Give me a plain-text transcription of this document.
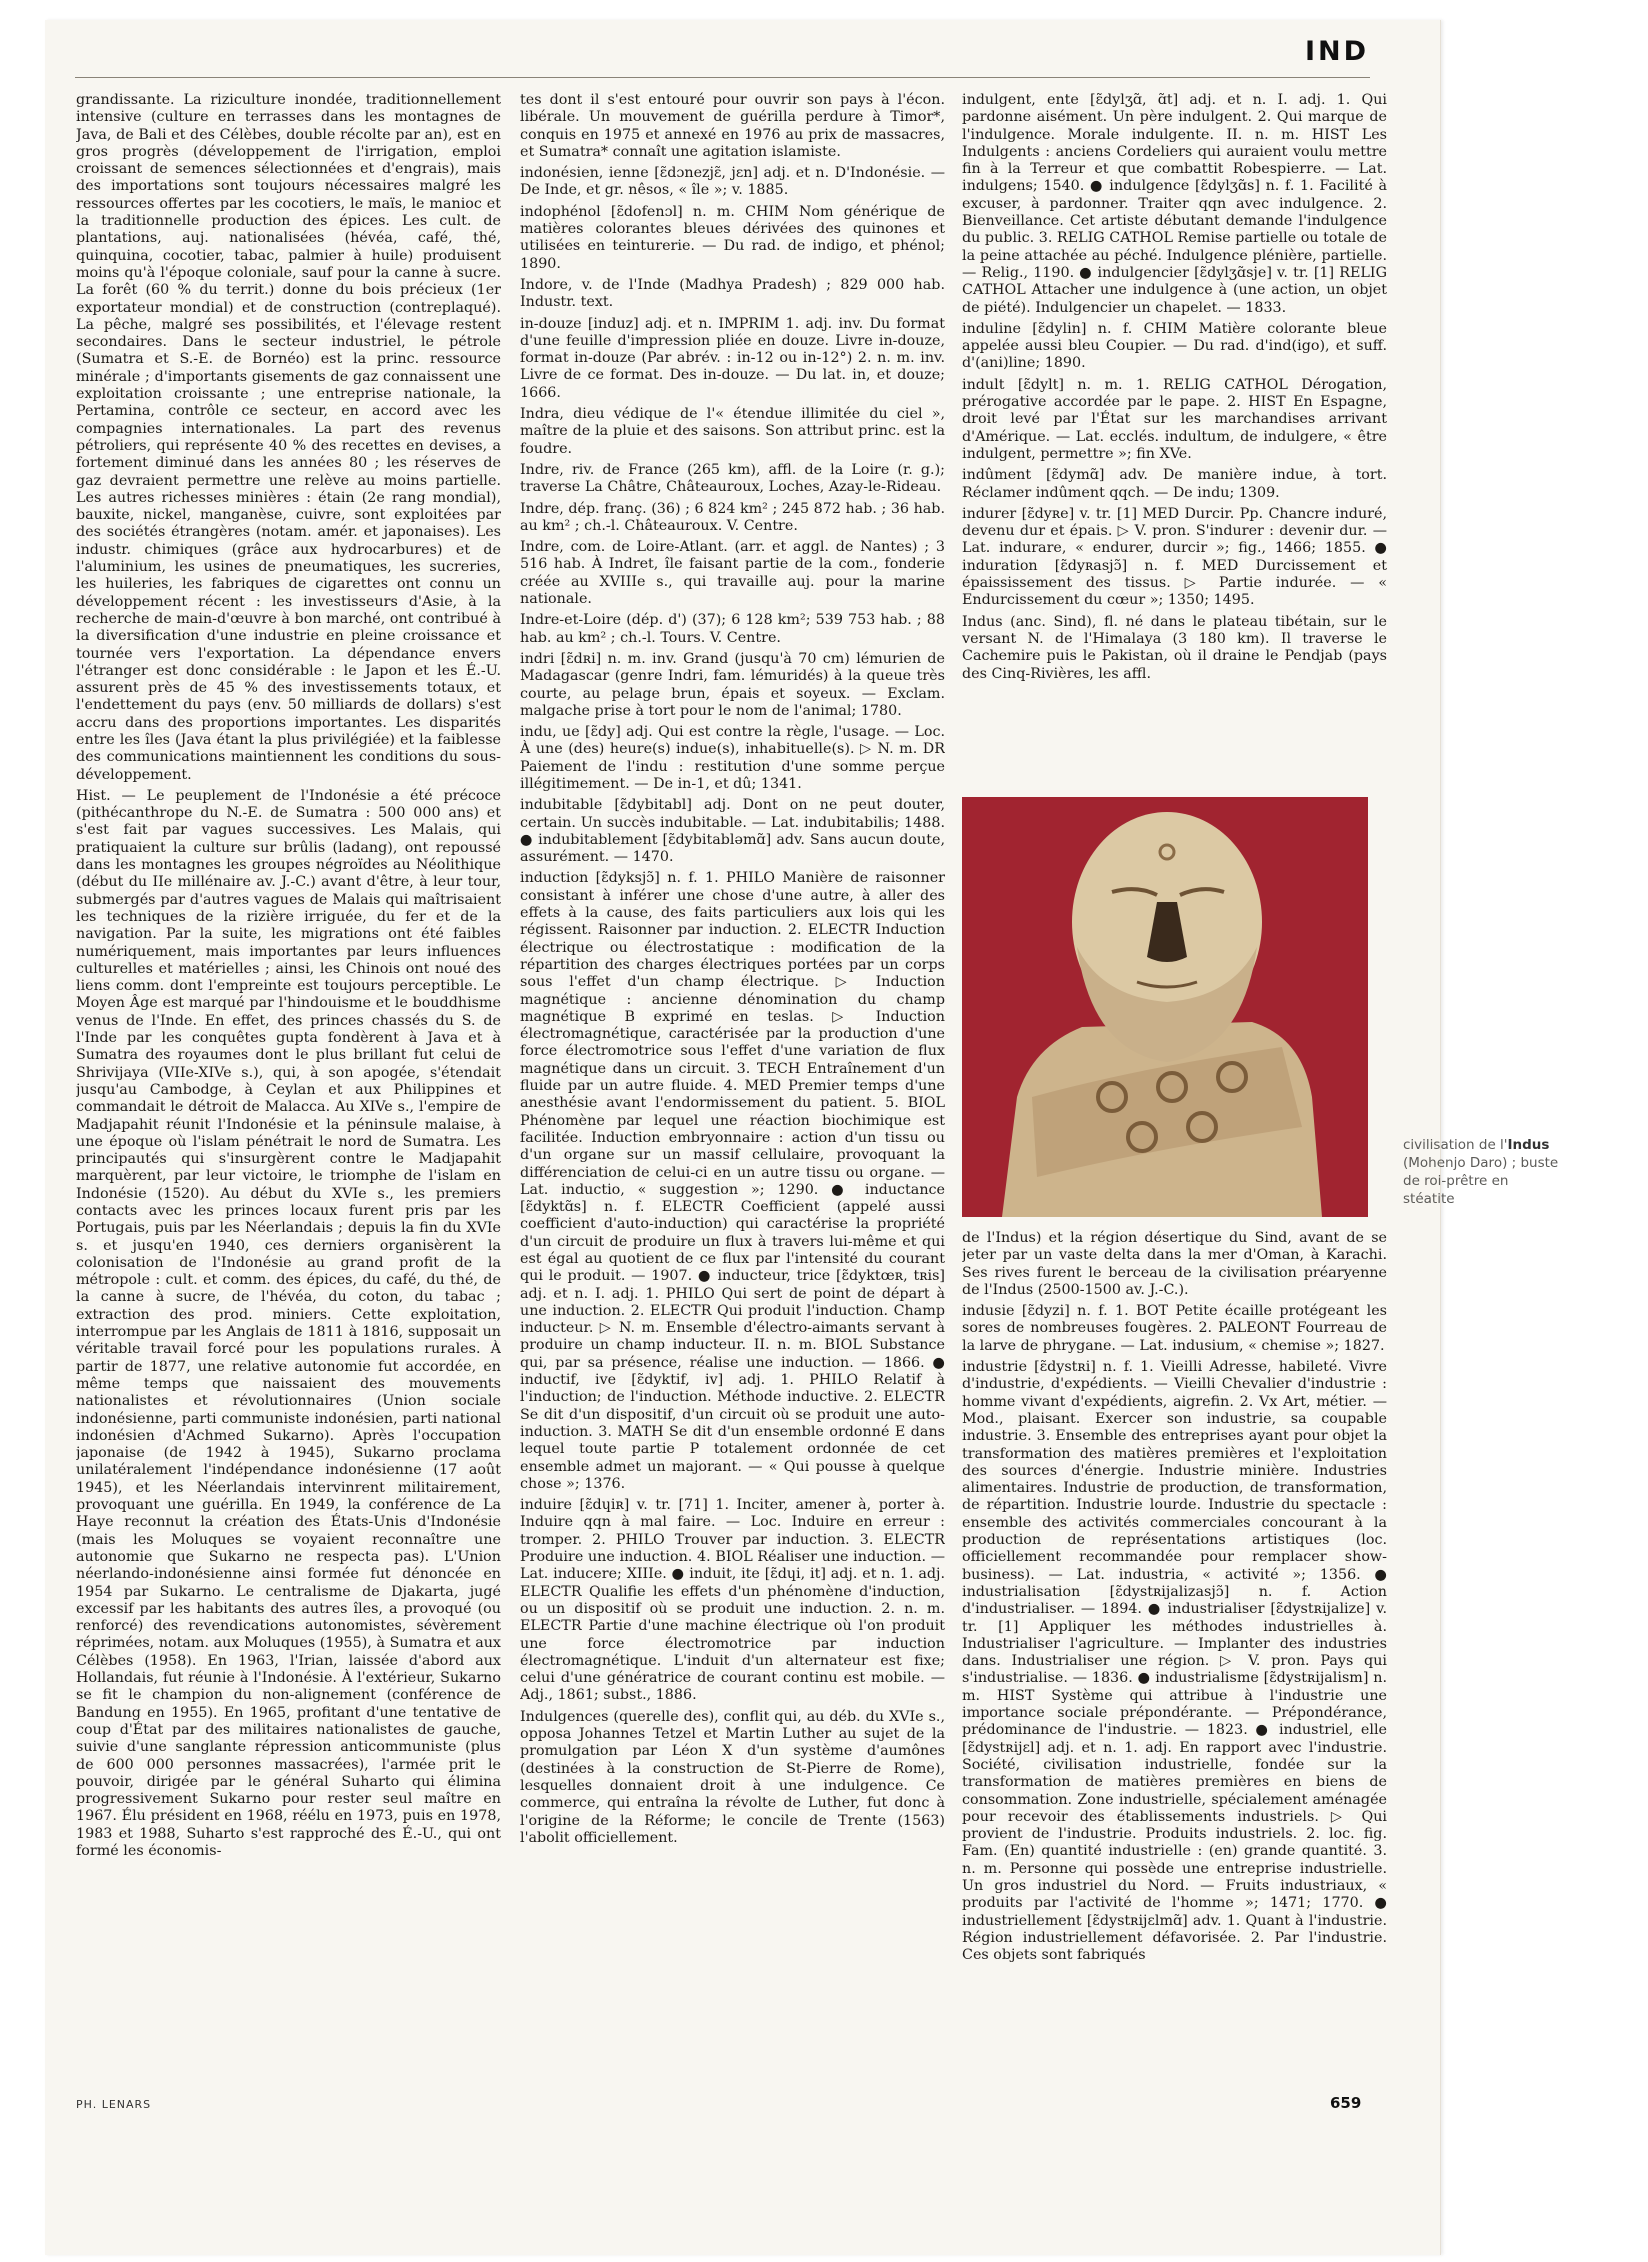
IND

grandissante. La riziculture inondée, traditionnellement intensive (culture en terrasses dans les montagnes de Java, de Bali et des Célèbes, double récolte par an), est en gros progrès (développement de l'irrigation, emploi croissant de semences sélectionnées et d'engrais), mais des importations sont toujours nécessaires malgré les ressources offertes par les cocotiers, le maïs, le manioc et la traditionnelle production des épices. Les cult. de plantations, auj. nationalisées (hévéa, café, thé, quinquina, cocotier, tabac, palmier à huile) produisent moins qu'à l'époque coloniale, sauf pour la canne à sucre. La forêt (60 % du territ.) donne du bois précieux (1er exportateur mondial) et de construction (contreplaqué). La pêche, malgré ses possibilités, et l'élevage restent secondaires. Dans le secteur industriel, le pétrole (Sumatra et S.-E. de Bornéo) est la princ. ressource minérale ; d'importants gisements de gaz connaissent une exploitation croissante ; une entreprise nationale, la Pertamina, contrôle ce secteur, en accord avec les compagnies internationales. La part des revenus pétroliers, qui représente 40 % des recettes en devises, a fortement diminué dans les années 80 ; les réserves de gaz devraient permettre une relève au moins partielle. Les autres richesses minières : étain (2e rang mondial), bauxite, nickel, manganèse, cuivre, sont exploitées par des sociétés étrangères (notam. amér. et japonaises). Les industr. chimiques (grâce aux hydrocarbures) et de l'aluminium, les usines de pneumatiques, les sucreries, les huileries, les fabriques de cigarettes ont connu un développement récent : les investisseurs d'Asie, à la recherche de main-d'œuvre à bon marché, ont contribué à la diversification d'une industrie en pleine croissance et tournée vers l'exportation. La dépendance envers l'étranger est donc considérable : le Japon et les É.-U. assurent près de 45 % des investissements totaux, et l'endettement du pays (env. 50 milliards de dollars) s'est accru dans des proportions importantes. Les disparités entre les îles (Java étant la plus privilégiée) et la faiblesse des communications maintiennent les conditions du sous-développement.

Hist. — Le peuplement de l'Indonésie a été précoce (pithécanthrope du N.-E. de Sumatra : 500 000 ans) et s'est fait par vagues successives. Les Malais, qui pratiquaient la culture sur brûlis (ladang), ont repoussé dans les montagnes les groupes négroïdes au Néolithique (début du IIe millénaire av. J.-C.) avant d'être, à leur tour, submergés par d'autres vagues de Malais qui maîtrisaient les techniques de la rizière irriguée, du fer et de la navigation. Par la suite, les migrations ont été faibles numériquement, mais importantes par leurs influences culturelles et matérielles ; ainsi, les Chinois ont noué des liens comm. dont l'empreinte est toujours perceptible. Le Moyen Âge est marqué par l'hindouisme et le bouddhisme venus de l'Inde. En effet, des princes chassés du S. de l'Inde par les conquêtes gupta fondèrent à Java et à Sumatra des royaumes dont le plus brillant fut celui de Shrivijaya (VIIe-XIVe s.), qui, à son apogée, s'étendait jusqu'au Cambodge, à Ceylan et aux Philippines et commandait le détroit de Malacca. Au XIVe s., l'empire de Madjapahit réunit l'Indonésie et la péninsule malaise, à une époque où l'islam pénétrait le nord de Sumatra. Les principautés qui s'insurgèrent contre le Madjapahit marquèrent, par leur victoire, le triomphe de l'islam en Indonésie (1520). Au début du XVIe s., les premiers contacts avec les princes locaux furent pris par les Portugais, puis par les Néerlandais ; depuis la fin du XVIe s. et jusqu'en 1940, ces derniers organisèrent la colonisation de l'Indonésie au grand profit de la métropole : cult. et comm. des épices, du café, du thé, de la canne à sucre, de l'hévéa, du coton, du tabac ; extraction des prod. miniers. Cette exploitation, interrompue par les Anglais de 1811 à 1816, supposait un véritable travail forcé pour les populations rurales. À partir de 1877, une relative autonomie fut accordée, en même temps que naissaient des mouvements nationalistes et révolutionnaires (Union sociale indonésienne, parti communiste indonésien, parti national indonésien d'Achmed Sukarno). Après l'occupation japonaise (de 1942 à 1945), Sukarno proclama unilatéralement l'indépendance indonésienne (17 août 1945), et les Néerlandais intervinrent militairement, provoquant une guérilla. En 1949, la conférence de La Haye reconnut la création des États-Unis d'Indonésie (mais les Moluques se voyaient reconnaître une autonomie que Sukarno ne respecta pas). L'Union néerlando-indonésienne ainsi formée fut dénoncée en 1954 par Sukarno. Le centralisme de Djakarta, jugé excessif par les habitants des autres îles, a provoqué (ou renforcé) des revendications autonomistes, sévèrement réprimées, notam. aux Moluques (1955), à Sumatra et aux Célèbes (1958). En 1963, l'Irian, laissée d'abord aux Hollandais, fut réunie à l'Indonésie. À l'extérieur, Sukarno se fit le champion du non-alignement (conférence de Bandung en 1955). En 1965, profitant d'une tentative de coup d'État par des militaires nationalistes de gauche, suivie d'une sanglante répression anticommuniste (plus de 600 000 personnes massacrées), l'armée prit le pouvoir, dirigée par le général Suharto qui élimina progressivement Sukarno pour rester seul maître en 1967. Élu président en 1968, réélu en 1973, puis en 1978, 1983 et 1988, Suharto s'est rapproché des É.-U., qui ont formé les économis-

tes dont il s'est entouré pour ouvrir son pays à l'écon. libérale. Un mouvement de guérilla perdure à Timor*, conquis en 1975 et annexé en 1976 au prix de massacres, et Sumatra* connaît une agitation islamiste.

indonésien, ienne [ɛ̃dɔnezjɛ̃, jɛn] adj. et n. D'Indonésie. — De Inde, et gr. nêsos, « île »; v. 1885.

indophénol [ɛ̃dofenɔl] n. m. CHIM Nom générique de matières colorantes bleues dérivées des quinones et utilisées en teinturerie. — Du rad. de indigo, et phénol; 1890.

Indore, v. de l'Inde (Madhya Pradesh) ; 829 000 hab. Industr. text.

in-douze [induz] adj. et n. IMPRIM 1. adj. inv. Du format d'une feuille d'impression pliée en douze. Livre in-douze, format in-douze (Par abrév. : in-12 ou in-12°) 2. n. m. inv. Livre de ce format. Des in-douze. — Du lat. in, et douze; 1666.

Indra, dieu védique de l'« étendue illimitée du ciel », maître de la pluie et des saisons. Son attribut princ. est la foudre.

Indre, riv. de France (265 km), affl. de la Loire (r. g.); traverse La Châtre, Châteauroux, Loches, Azay-le-Rideau.

Indre, dép. franç. (36) ; 6 824 km² ; 245 872 hab. ; 36 hab. au km² ; ch.-l. Châteauroux. V. Centre.

Indre, com. de Loire-Atlant. (arr. et aggl. de Nantes) ; 3 516 hab. À Indret, île faisant partie de la com., fonderie créée au XVIIIe s., qui travaille auj. pour la marine nationale.

Indre-et-Loire (dép. d') (37); 6 128 km²; 539 753 hab. ; 88 hab. au km² ; ch.-l. Tours. V. Centre.

indri [ɛ̃dʀi] n. m. inv. Grand (jusqu'à 70 cm) lémurien de Madagascar (genre Indri, fam. lémuridés) à la queue très courte, au pelage brun, épais et soyeux. — Exclam. malgache prise à tort pour le nom de l'animal; 1780.

indu, ue [ɛ̃dy] adj. Qui est contre la règle, l'usage. — Loc. À une (des) heure(s) indue(s), inhabituelle(s). ▷ N. m. DR Paiement de l'indu : restitution d'une somme perçue illégitimement. — De in-1, et dû; 1341.

indubitable [ɛ̃dybitabl] adj. Dont on ne peut douter, certain. Un succès indubitable. — Lat. indubitabilis; 1488. ● indubitablement [ɛ̃dybitabləmɑ̃] adv. Sans aucun doute, assurément. — 1470.

induction [ɛ̃dyksjɔ̃] n. f. 1. PHILO Manière de raisonner consistant à inférer une chose d'une autre, à aller des effets à la cause, des faits particuliers aux lois qui les régissent. Raisonner par induction. 2. ELECTR Induction électrique ou électrostatique : modification de la répartition des charges électriques portées par un corps sous l'effet d'un champ électrique. ▷ Induction magnétique : ancienne dénomination du champ magnétique B exprimé en teslas. ▷ Induction électromagnétique, caractérisée par la production d'une force électromotrice sous l'effet d'une variation de flux magnétique dans un circuit. 3. TECH Entraînement d'un fluide par un autre fluide. 4. MED Premier temps d'une anesthésie avant l'endormissement du patient. 5. BIOL Phénomène par lequel une réaction biochimique est facilitée. Induction embryonnaire : action d'un tissu ou d'un organe sur un massif cellulaire, provoquant la différenciation de celui-ci en un autre tissu ou organe. — Lat. inductio, « suggestion »; 1290. ● inductance [ɛ̃dyktɑ̃s] n. f. ELECTR Coefficient (appelé aussi coefficient d'auto-induction) qui caractérise la propriété d'un circuit de produire un flux à travers lui-même et qui est égal au quotient de ce flux par l'intensité du courant qui le produit. — 1907. ● inducteur, trice [ɛ̃dyktœʀ, tʀis] adj. et n. I. adj. 1. PHILO Qui sert de point de départ à une induction. 2. ELECTR Qui produit l'induction. Champ inducteur. ▷ N. m. Ensemble d'électro-aimants servant à produire un champ inducteur. II. n. m. BIOL Substance qui, par sa présence, réalise une induction. — 1866. ● inductif, ive [ɛ̃dyktif, iv] adj. 1. PHILO Relatif à l'induction; de l'induction. Méthode inductive. 2. ELECTR Se dit d'un dispositif, d'un circuit où se produit une auto-induction. 3. MATH Se dit d'un ensemble ordonné E dans lequel toute partie P totalement ordonnée de cet ensemble admet un majorant. — « Qui pousse à quelque chose »; 1376.

induire [ɛ̃dɥiʀ] v. tr. [71] 1. Inciter, amener à, porter à. Induire qqn à mal faire. — Loc. Induire en erreur : tromper. 2. PHILO Trouver par induction. 3. ELECTR Produire une induction. 4. BIOL Réaliser une induction. — Lat. inducere; XIIIe. ● induit, ite [ɛ̃dɥi, it] adj. et n. 1. adj. ELECTR Qualifie les effets d'un phénomène d'induction, ou un dispositif où se produit une induction. 2. n. m. ELECTR Partie d'une machine électrique où l'on produit une force électromotrice par induction électromagnétique. L'induit d'un alternateur est fixe; celui d'une génératrice de courant continu est mobile. — Adj., 1861; subst., 1886.

Indulgences (querelle des), conflit qui, au déb. du XVIe s., opposa Johannes Tetzel et Martin Luther au sujet de la promulgation par Léon X d'un système d'aumônes (destinées à la construction de St-Pierre de Rome), lesquelles donnaient droit à une indulgence. Ce commerce, qui entraîna la révolte de Luther, fut donc à l'origine de la Réforme; le concile de Trente (1563) l'abolit officiellement.

indulgent, ente [ɛ̃dylʒɑ̃, ɑ̃t] adj. et n. I. adj. 1. Qui pardonne aisément. Un père indulgent. 2. Qui marque de l'indulgence. Morale indulgente. II. n. m. HIST Les Indulgents : anciens Cordeliers qui auraient voulu mettre fin à la Terreur et que combattit Robespierre. — Lat. indulgens; 1540. ● indulgence [ɛ̃dylʒɑ̃s] n. f. 1. Facilité à excuser, à pardonner. Traiter qqn avec indulgence. 2. Bienveillance. Cet artiste débutant demande l'indulgence du public. 3. RELIG CATHOL Remise partielle ou totale de la peine attachée au péché. Indulgence plénière, partielle. — Relig., 1190. ● indulgencier [ɛ̃dylʒɑ̃sje] v. tr. [1] RELIG CATHOL Attacher une indulgence à (une action, un objet de piété). Indulgencier un chapelet. — 1833.

induline [ɛ̃dylin] n. f. CHIM Matière colorante bleue appelée aussi bleu Coupier. — Du rad. d'ind(igo), et suff. d'(ani)line; 1890.

indult [ɛ̃dylt] n. m. 1. RELIG CATHOL Dérogation, prérogative accordée par le pape. 2. HIST En Espagne, droit levé par l'État sur les marchandises arrivant d'Amérique. — Lat. ecclés. indultum, de indulgere, « être indulgent, permettre »; fin XVe.

indûment [ɛ̃dymɑ̃] adv. De manière indue, à tort. Réclamer indûment qqch. — De indu; 1309.

indurer [ɛ̃dyʀe] v. tr. [1] MED Durcir. Pp. Chancre induré, devenu dur et épais. ▷ V. pron. S'indurer : devenir dur. — Lat. indurare, « endurer, durcir »; fig., 1466; 1855. ● induration [ɛ̃dyʀasjɔ̃] n. f. MED Durcissement et épaississement des tissus. ▷ Partie indurée. — « Endurcissement du cœur »; 1350; 1495.

Indus (anc. Sind), fl. né dans le plateau tibétain, sur le versant N. de l'Himalaya (3 180 km). Il traverse le Cachemire puis le Pakistan, où il draine le Pendjab (pays des Cinq-Rivières, les affl.

civilisation de l'Indus (Mohenjo Daro) ; buste de roi-prêtre en stéatite

de l'Indus) et la région désertique du Sind, avant de se jeter par un vaste delta dans la mer d'Oman, à Karachi. Ses rives furent le berceau de la civilisation préaryenne de l'Indus (2500-1500 av. J.-C.).

indusie [ɛ̃dyzi] n. f. 1. BOT Petite écaille protégeant les sores de nombreuses fougères. 2. PALEONT Fourreau de la larve de phrygane. — Lat. indusium, « chemise »; 1827.

industrie [ɛ̃dystʀi] n. f. 1. Vieilli Adresse, habileté. Vivre d'industrie, d'expédients. — Vieilli Chevalier d'industrie : homme vivant d'expédients, aigrefin. 2. Vx Art, métier. — Mod., plaisant. Exercer son industrie, sa coupable industrie. 3. Ensemble des entreprises ayant pour objet la transformation des matières premières et l'exploitation des sources d'énergie. Industrie minière. Industries alimentaires. Industrie de production, de transformation, de répartition. Industrie lourde. Industrie du spectacle : ensemble des activités commerciales concourant à la production de représentations artistiques (loc. officiellement recommandée pour remplacer show-business). — Lat. industria, « activité »; 1356. ● industrialisation [ɛ̃dystʀijalizasjɔ̃] n. f. Action d'industrialiser. — 1894. ● industrialiser [ɛ̃dystʀijalize] v. tr. [1] Appliquer les méthodes industrielles à. Industrialiser l'agriculture. — Implanter des industries dans. Industrialiser une région. ▷ V. pron. Pays qui s'industrialise. — 1836. ● industrialisme [ɛ̃dystʀijalism] n. m. HIST Système qui attribue à l'industrie une importance sociale prépondérante. — Prépondérance, prédominance de l'industrie. — 1823. ● industriel, elle [ɛ̃dystʀijɛl] adj. et n. 1. adj. En rapport avec l'industrie. Société, civilisation industrielle, fondée sur la transformation de matières premières en biens de consommation. Zone industrielle, spécialement aménagée pour recevoir des établissements industriels. ▷ Qui provient de l'industrie. Produits industriels. 2. loc. fig. Fam. (En) quantité industrielle : (en) grande quantité. 3. n. m. Personne qui possède une entreprise industrielle. Un gros industriel du Nord. — Fruits industriaux, « produits par l'activité de l'homme »; 1471; 1770. ● industriellement [ɛ̃dystʀijɛlmɑ̃] adv. 1. Quant à l'industrie. Région industriellement défavorisée. 2. Par l'industrie. Ces objets sont fabriqués

PH. LENARS	659
